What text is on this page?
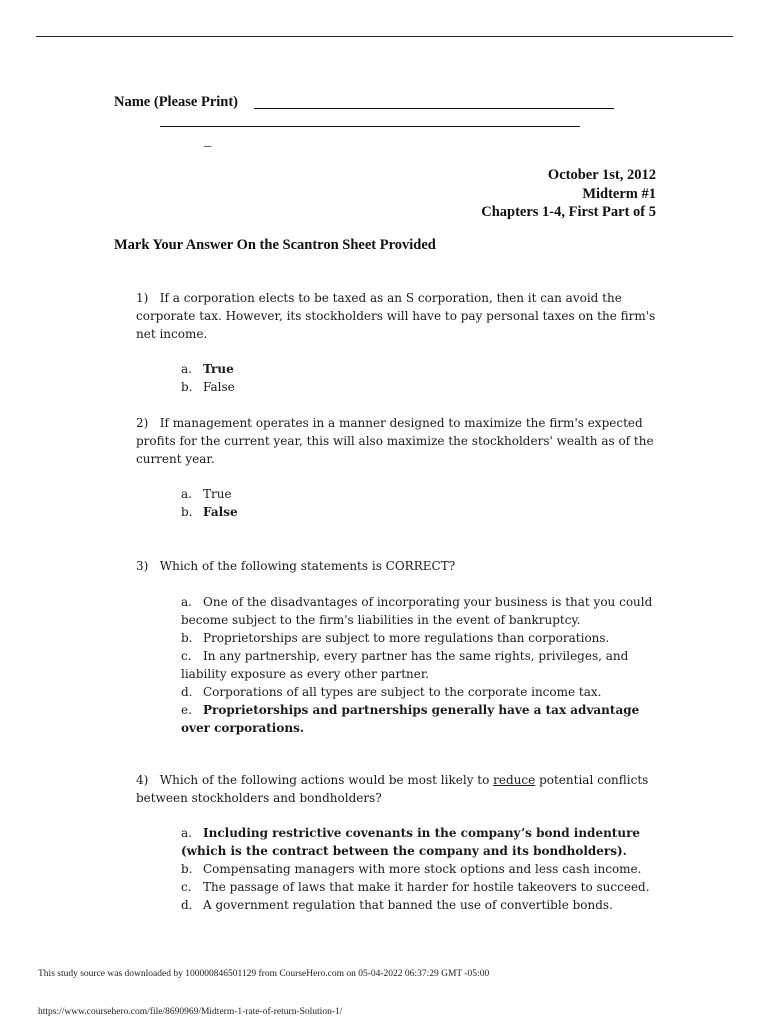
Name (Please Print)
_
October 1st, 2012
Midterm #1
Chapters 1-4, First Part of 5
Mark Your Answer On the Scantron Sheet Provided
1) If a corporation elects to be taxed as an S corporation, then it can avoid the corporate tax. However, its stockholders will have to pay personal taxes on the firm's net income.
a. True
b. False
2) If management operates in a manner designed to maximize the firm's expected profits for the current year, this will also maximize the stockholders' wealth as of the current year.
a. True
b. False
3) Which of the following statements is CORRECT?
a. One of the disadvantages of incorporating your business is that you could become subject to the firm's liabilities in the event of bankruptcy.
b. Proprietorships are subject to more regulations than corporations.
c. In any partnership, every partner has the same rights, privileges, and liability exposure as every other partner.
d. Corporations of all types are subject to the corporate income tax.
e. Proprietorships and partnerships generally have a tax advantage over corporations.
4) Which of the following actions would be most likely to reduce potential conflicts between stockholders and bondholders?
a. Including restrictive covenants in the company’s bond indenture (which is the contract between the company and its bondholders).
b. Compensating managers with more stock options and less cash income.
c. The passage of laws that make it harder for hostile takeovers to succeed.
d. A government regulation that banned the use of convertible bonds.
This study source was downloaded by 100000846501129 from CourseHero.com on 05-04-2022 06:37:29 GMT -05:00
https://www.coursehero.com/file/8690969/Midterm-1-rate-of-return-Solution-1/
